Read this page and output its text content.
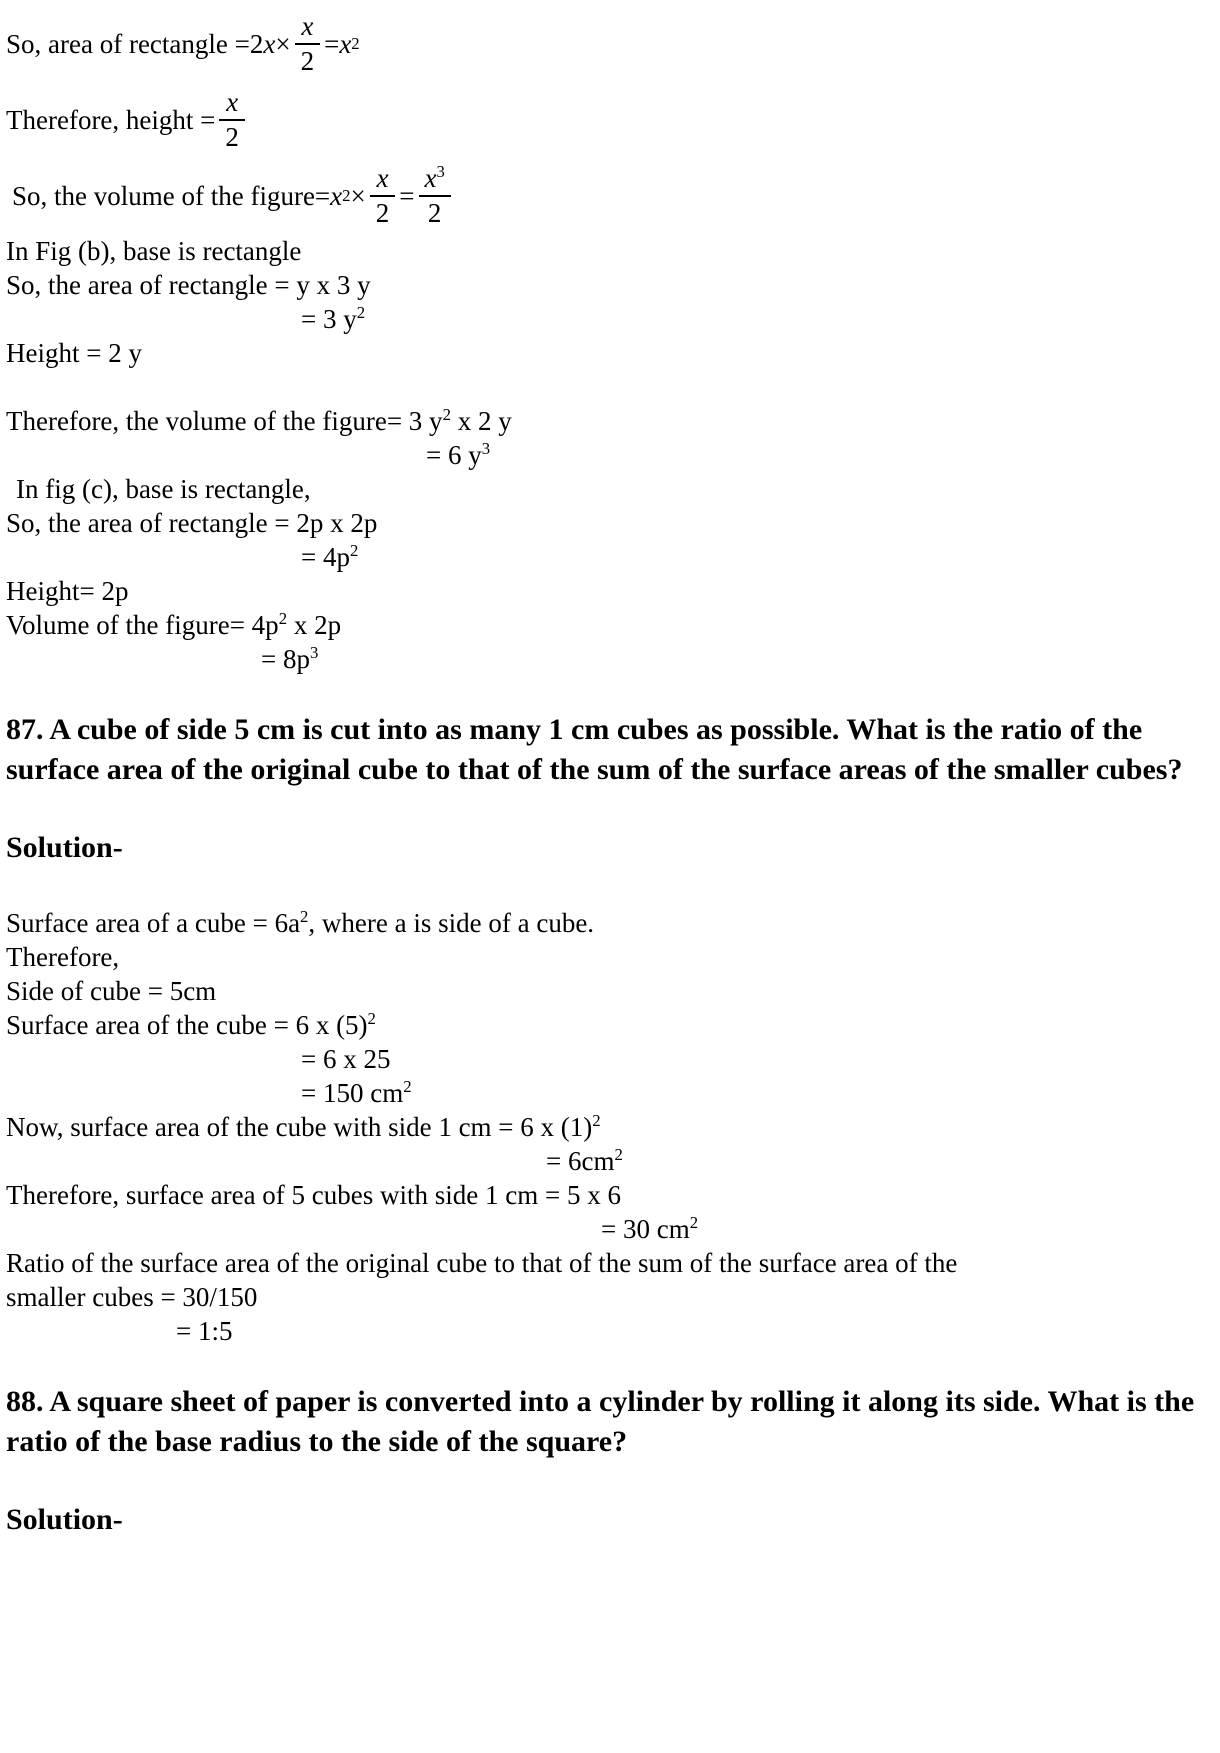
So, area of rectangle = 2 $x \times \frac{x}{2} = x$ 2
Therefore, height = $\frac{x}{2}$
So, the volume of the figure= x $2 \times \frac{x}{2} = \frac{x^3}{2}$
In Fig (b), base is rectangle
So, the area of rectangle = y x 3 y
= 3 $y^2$
Height = 2 y
Therefore, the volume of the figure= 3 $y^2$ x 2 y
= 6 $y^3$
In fig (c), base is rectangle,
So, the area of rectangle = 2p x 2p
= $4p^2$
Height= 2p
Volume of the figure= $4p^2$ x 2p
= $8p^3$
87. A cube of side 5 cm is cut into as many 1 cm cubes as possible. What is the ratio of the surface area of the original cube to that of the sum of the surface areas of the smaller cubes?
Solution-
Surface area of a cube = $6a^2$, where a is side of a cube.
Therefore,
Side of cube = 5cm
Surface area of the cube = 6 x $(5)^2$
= 6 x 25
= 150 $cm^2$
Now, surface area of the cube with side 1 cm = 6 x $(1)^2$
= $6cm^2$
Therefore, surface area of 5 cubes with side 1 cm = 5 x 6
= 30 $cm^2$
Ratio of the surface area of the original cube to that of the sum of the surface area of the
smaller cubes = 30/150
= 1:5
88. A square sheet of paper is converted into a cylinder by rolling it along its side. What is the ratio of the base radius to the side of the square?
Solution-
